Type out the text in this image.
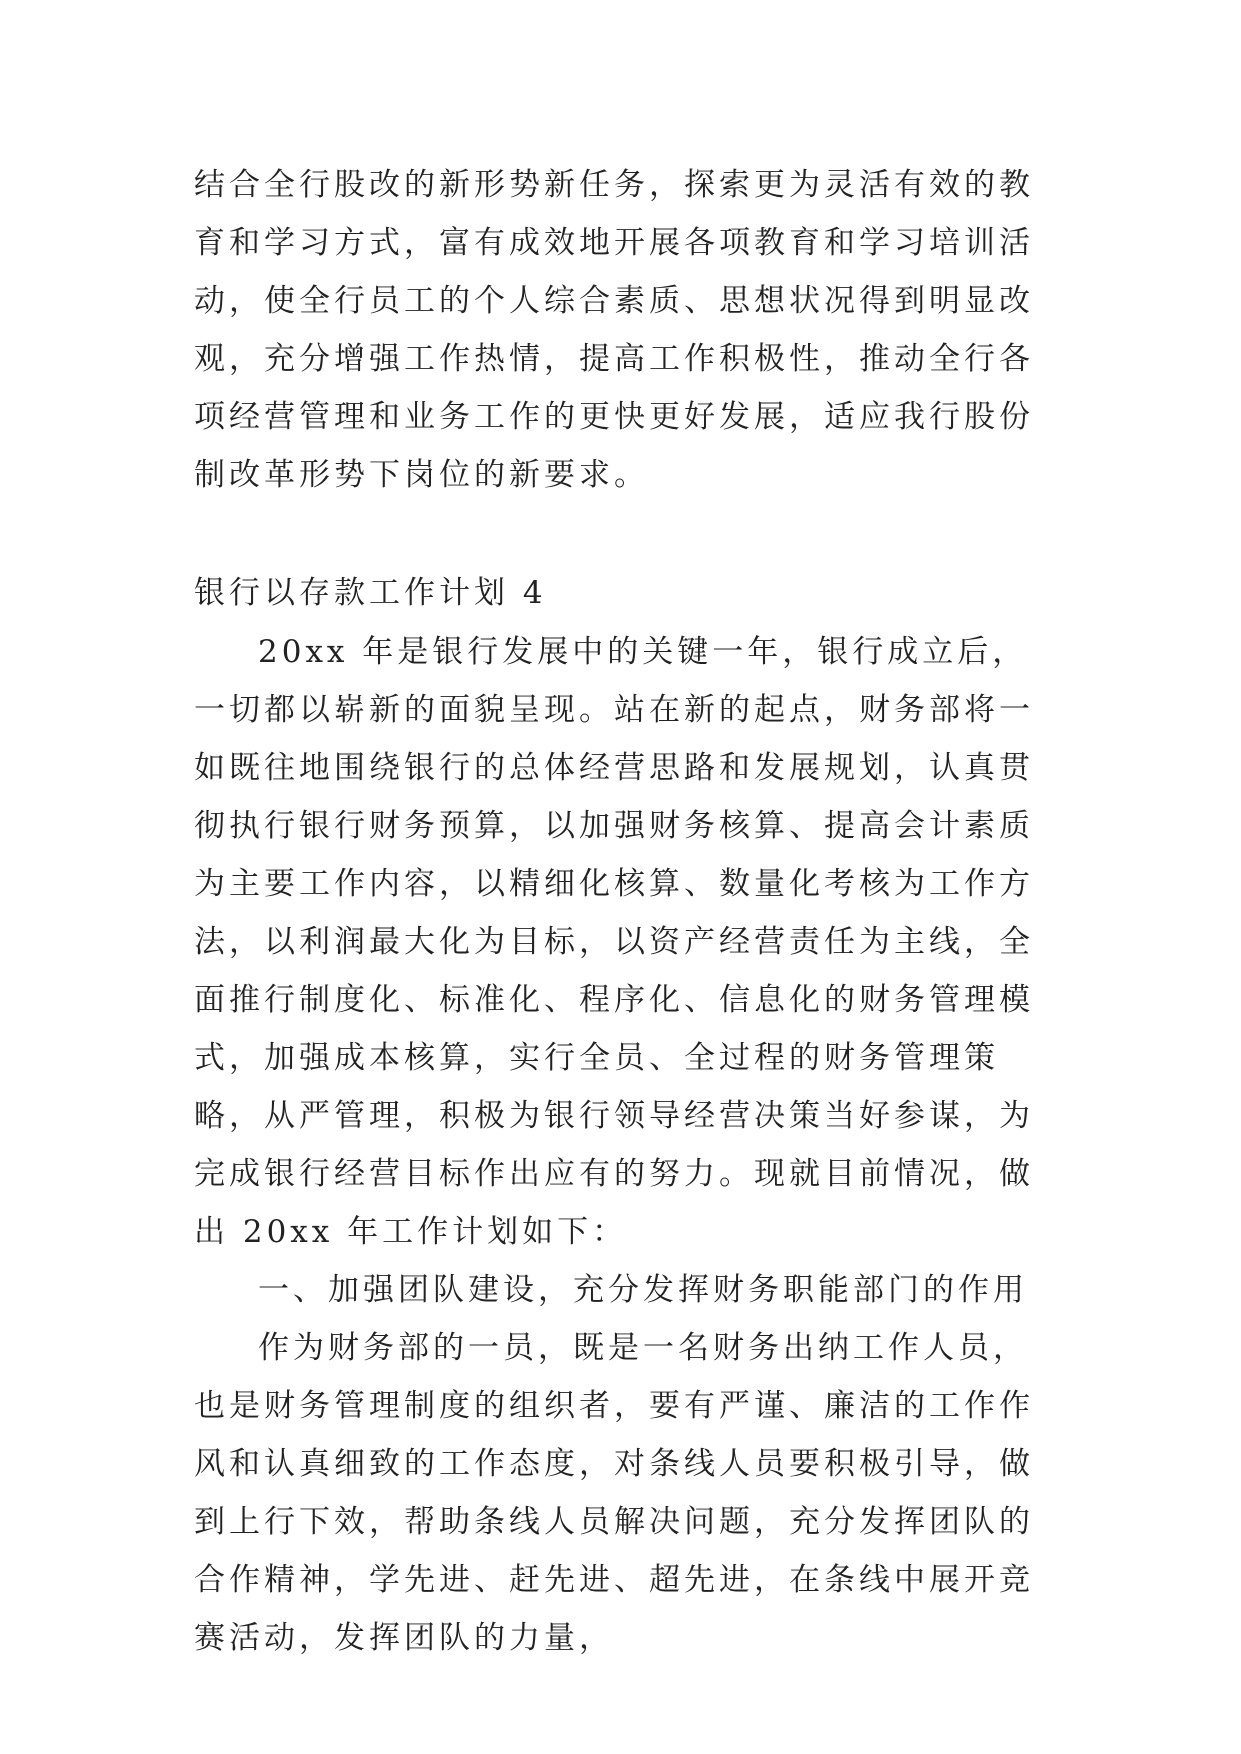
结合全行股改的新形势新任务，探索更为灵活有效的教育和学习方式，富有成效地开展各项教育和学习培训活动，使全行员工的个人综合素质、思想状况得到明显改观，充分增强工作热情，提高工作积极性，推动全行各项经营管理和业务工作的更快更好发展，适应我行股份制改革形势下岗位的新要求。

银行以存款工作计划 4

20xx 年是银行发展中的关键一年，银行成立后，一切都以崭新的面貌呈现。站在新的起点，财务部将一如既往地围绕银行的总体经营思路和发展规划，认真贯彻执行银行财务预算，以加强财务核算、提高会计素质为主要工作内容，以精细化核算、数量化考核为工作方法，以利润最大化为目标，以资产经营责任为主线，全面推行制度化、标准化、程序化、信息化的财务管理模式，加强成本核算，实行全员、全过程的财务管理策略，从严管理，积极为银行领导经营决策当好参谋，为完成银行经营目标作出应有的努力。现就目前情况，做出 20xx 年工作计划如下：

一、加强团队建设，充分发挥财务职能部门的作用

作为财务部的一员，既是一名财务出纳工作人员，也是财务管理制度的组织者，要有严谨、廉洁的工作作风和认真细致的工作态度，对条线人员要积极引导，做到上行下效，帮助条线人员解决问题，充分发挥团队的合作精神，学先进、赶先进、超先进，在条线中展开竞赛活动，发挥团队的力量，
